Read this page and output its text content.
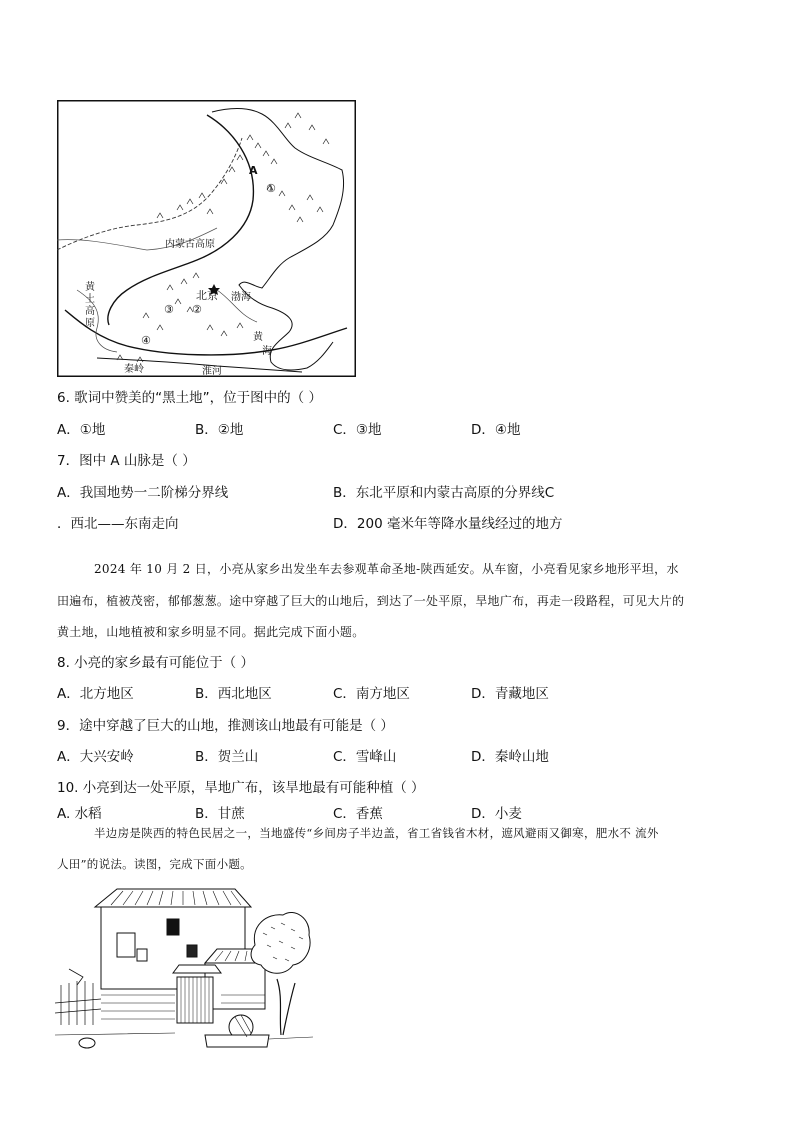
A
①
内蒙古高原
黄
土
高
原
北京 渤海
③ ②
④	黄
海
秦岭	淮河
6. 歌词中赞美的“黑土地”，位于图中的（ ）
A．①地	B．②地	C．③地	D．④地
7．图中 A 山脉是（ ）
A．我国地势一二阶梯分界线	B．东北平原和内蒙古高原的分界线C
．西北——东南走向	D．200 毫米年等降水量线经过的地方
2024 年 10 月 2 日，小亮从家乡出发坐车去参观革命圣地-陕西延安。从车窗，小亮看见家乡地形平坦，水
田遍布，植被茂密，郁郁葱葱。途中穿越了巨大的山地后，到达了一处平原，旱地广布，再走一段路程，可见大片的
黄土地，山地植被和家乡明显不同。据此完成下面小题。
8. 小亮的家乡最有可能位于（ ）
A．北方地区	B．西北地区	C．南方地区	D．青藏地区
9．途中穿越了巨大的山地，推测该山地最有可能是（ ）
A．大兴安岭	B．贺兰山	C．雪峰山	D．秦岭山地
10. 小亮到达一处平原，旱地广布，该旱地最有可能种植（ ）
A. 水稻	B．甘蔗	C．香蕉	D．小麦
半边房是陕西的特色民居之一，当地盛传“乡间房子半边盖，省工省钱省木材，遮风避雨又御寒，肥水不 流外
人田”的说法。读图，完成下面小题。
